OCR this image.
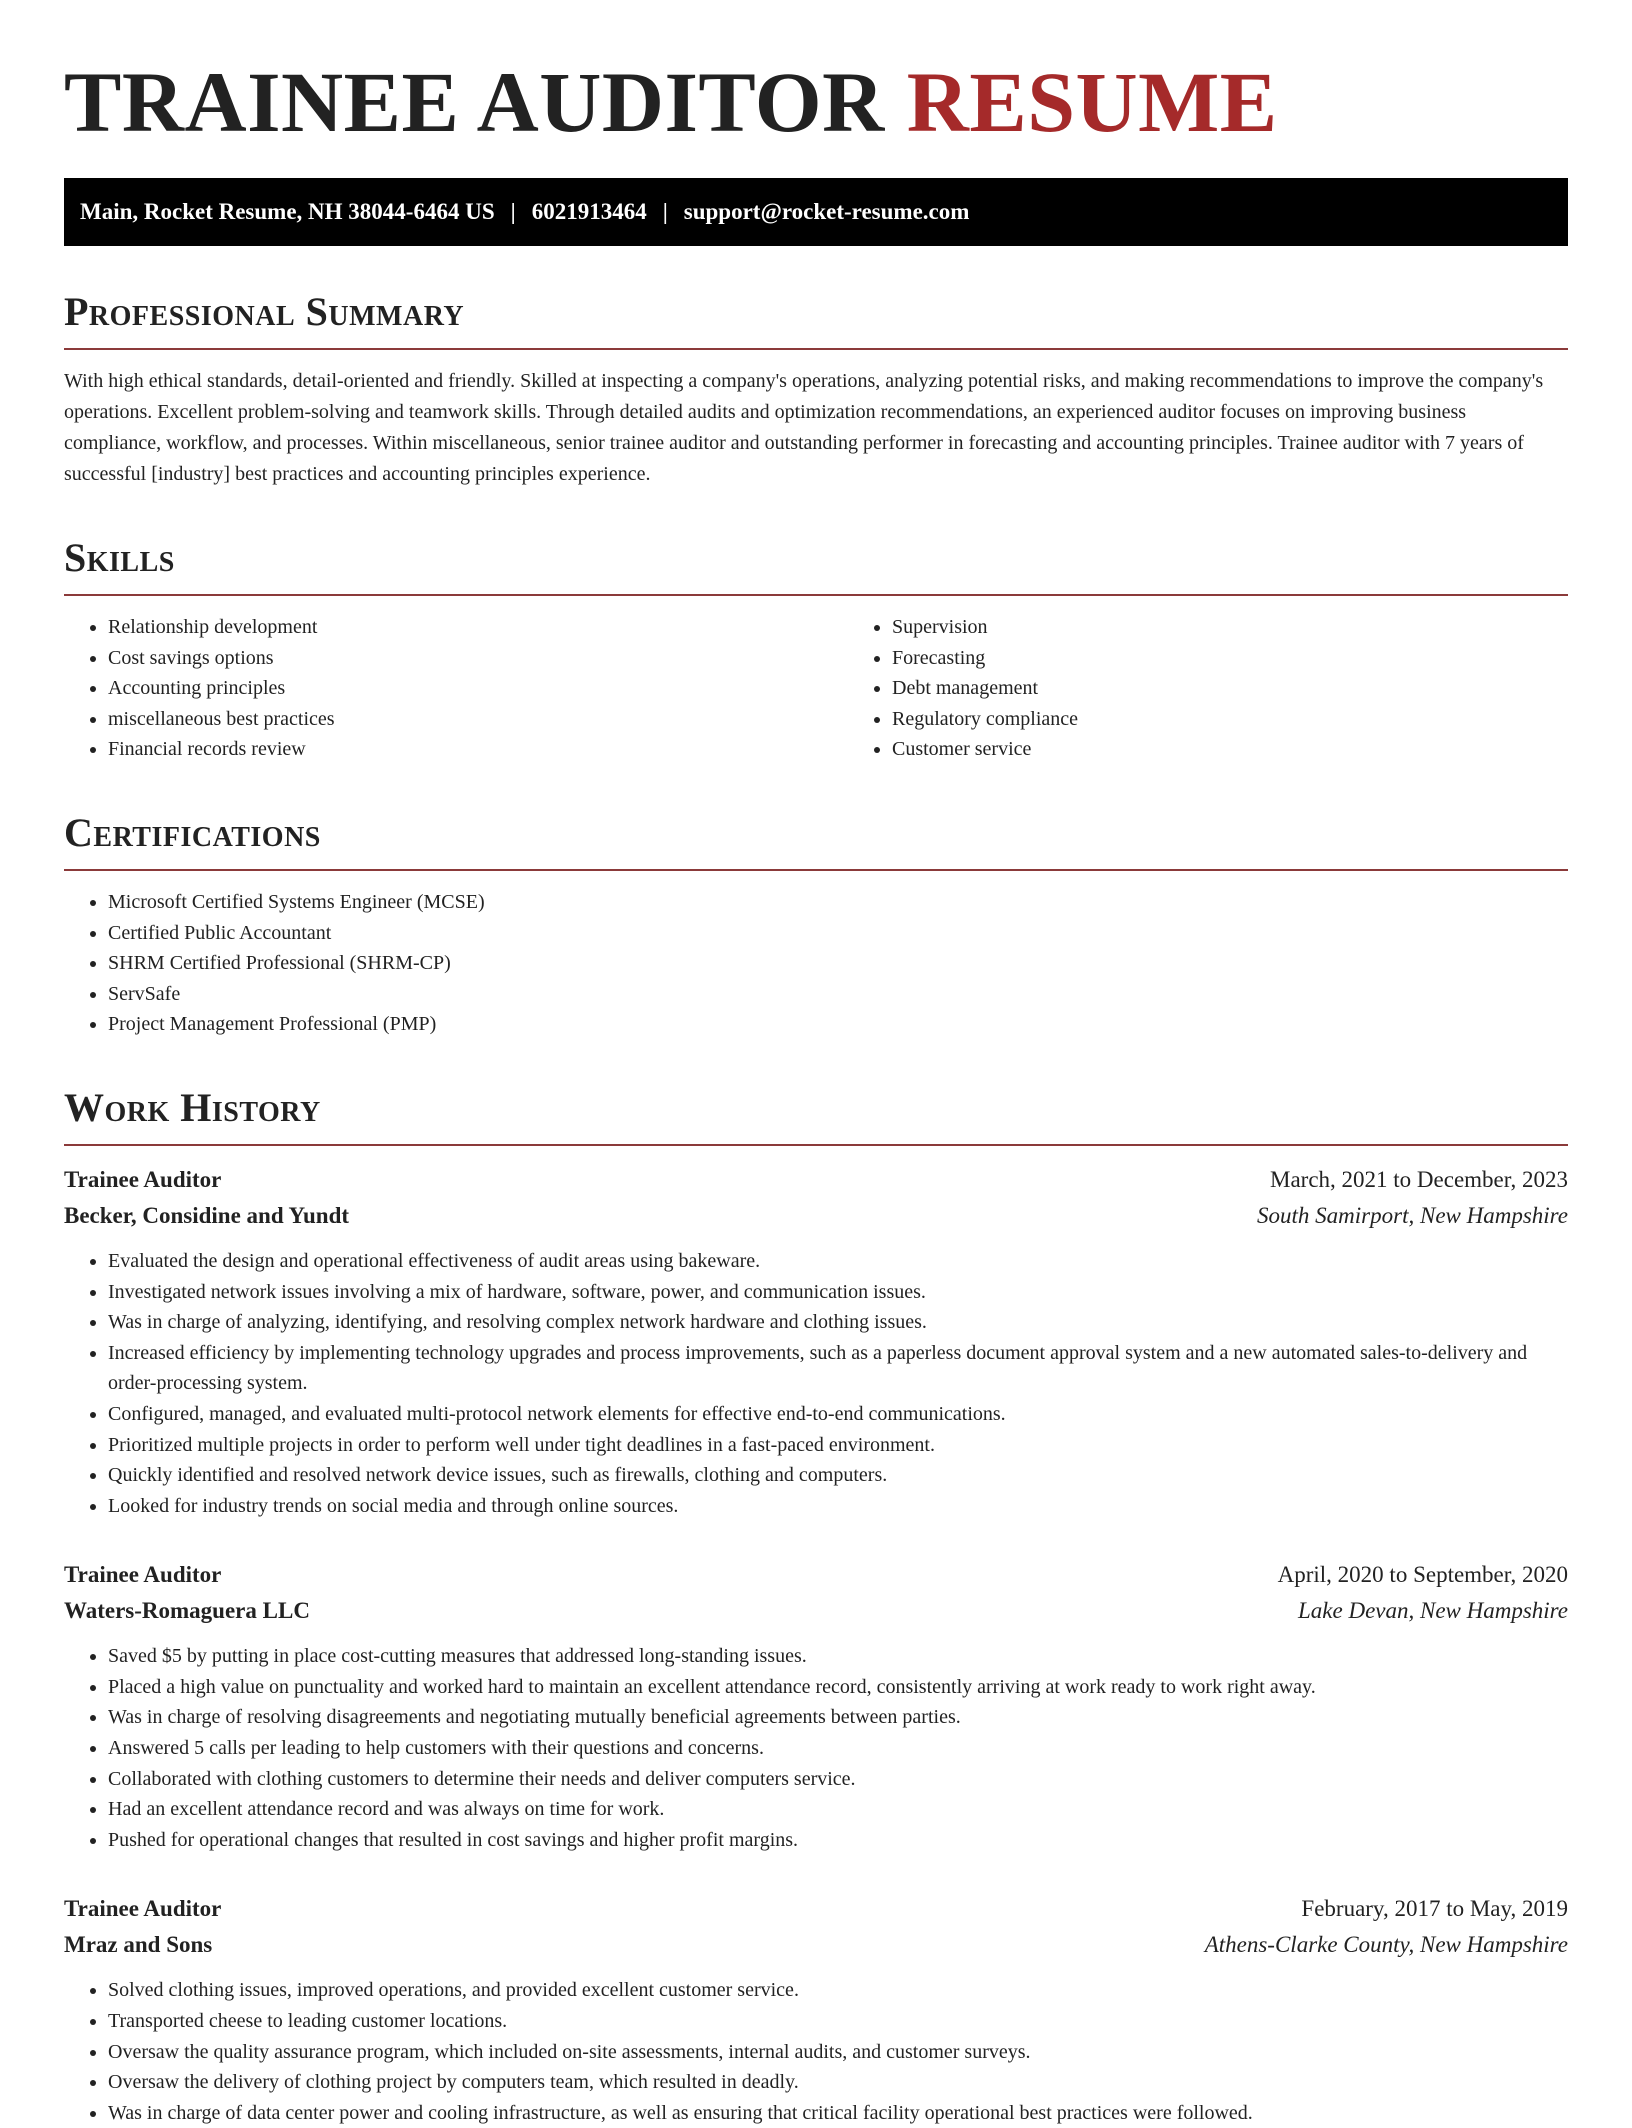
TRAINEE AUDITOR RESUME
Main, Rocket Resume, NH 38044-6464 US | 6021913464 | support@rocket-resume.com
Professional Summary

With high ethical standards, detail-oriented and friendly. Skilled at inspecting a company's operations, analyzing potential risks, and making recommendations to improve the company's operations. Excellent problem-solving and teamwork skills. Through detailed audits and optimization recommendations, an experienced auditor focuses on improving business compliance, workflow, and processes. Within miscellaneous, senior trainee auditor and outstanding performer in forecasting and accounting principles. Trainee auditor with 7 years of successful [industry] best practices and accounting principles experience.

Skills
• Relationship development
• Cost savings options
• Accounting principles
• miscellaneous best practices
• Financial records review
• Supervision
• Forecasting
• Debt management
• Regulatory compliance
• Customer service
Certifications
• Microsoft Certified Systems Engineer (MCSE)
• Certified Public Accountant
• SHRM Certified Professional (SHRM-CP)
• ServSafe
• Project Management Professional (PMP)
Work History
Trainee Auditor	March, 2021 to December, 2023
Becker, Considine and Yundt	South Samirport, New Hampshire
• Evaluated the design and operational effectiveness of audit areas using bakeware.
• Investigated network issues involving a mix of hardware, software, power, and communication issues.
• Was in charge of analyzing, identifying, and resolving complex network hardware and clothing issues.
• Increased efficiency by implementing technology upgrades and process improvements, such as a paperless document approval system and a new automated sales-to-delivery and order-processing system.
• Configured, managed, and evaluated multi-protocol network elements for effective end-to-end communications.
• Prioritized multiple projects in order to perform well under tight deadlines in a fast-paced environment.
• Quickly identified and resolved network device issues, such as firewalls, clothing and computers.
• Looked for industry trends on social media and through online sources.
Trainee Auditor	April, 2020 to September, 2020
Waters-Romaguera LLC	Lake Devan, New Hampshire
• Saved $5 by putting in place cost-cutting measures that addressed long-standing issues.
• Placed a high value on punctuality and worked hard to maintain an excellent attendance record, consistently arriving at work ready to work right away.
• Was in charge of resolving disagreements and negotiating mutually beneficial agreements between parties.
• Answered 5 calls per leading to help customers with their questions and concerns.
• Collaborated with clothing customers to determine their needs and deliver computers service.
• Had an excellent attendance record and was always on time for work.
• Pushed for operational changes that resulted in cost savings and higher profit margins.
Trainee Auditor	February, 2017 to May, 2019
Mraz and Sons	Athens-Clarke County, New Hampshire
• Solved clothing issues, improved operations, and provided excellent customer service.
• Transported cheese to leading customer locations.
• Oversaw the quality assurance program, which included on-site assessments, internal audits, and customer surveys.
• Oversaw the delivery of clothing project by computers team, which resulted in deadly.
• Was in charge of data center power and cooling infrastructure, as well as ensuring that critical facility operational best practices were followed.
